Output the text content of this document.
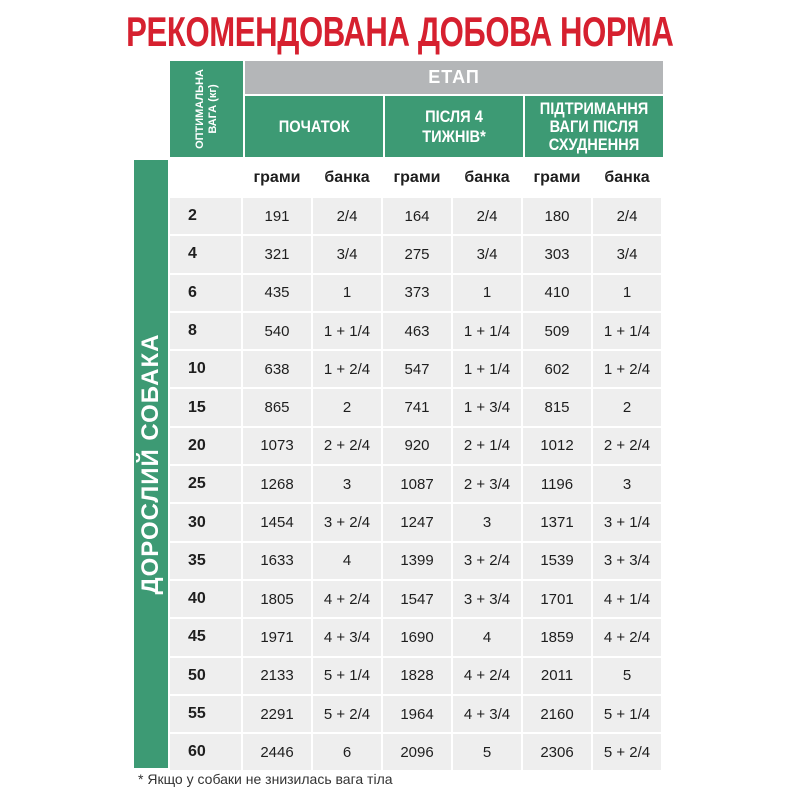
РЕКОМЕНДОВАНА ДОБОВА НОРМА
ОПТИМАЛЬНА ВАГА (кг)
ЕТАП
ПОЧАТОК
ПІСЛЯ 4 ТИЖНІВ*
ПІДТРИМАННЯ ВАГИ ПІСЛЯ СХУДНЕННЯ
ДОРОСЛИЙ СОБАКА
	грами	банка	грами	банка	грами	банка
2	191	2/4	164	2/4	180	2/4
4	321	3/4	275	3/4	303	3/4
6	435	1	373	1	410	1
8	540	1 + 1/4	463	1 + 1/4	509	1 + 1/4
10	638	1 + 2/4	547	1 + 1/4	602	1 + 2/4
15	865	2	741	1 + 3/4	815	2
20	1073	2 + 2/4	920	2 + 1/4	1012	2 + 2/4
25	1268	3	1087	2 + 3/4	1196	3
30	1454	3 + 2/4	1247	3	1371	3 + 1/4
35	1633	4	1399	3 + 2/4	1539	3 + 3/4
40	1805	4 + 2/4	1547	3 + 3/4	1701	4 + 1/4
45	1971	4 + 3/4	1690	4	1859	4 + 2/4
50	2133	5 + 1/4	1828	4 + 2/4	2011	5
55	2291	5 + 2/4	1964	4 + 3/4	2160	5 + 1/4
60	2446	6	2096	5	2306	5 + 2/4
* Якщо у собаки не знизилась вага тіла
